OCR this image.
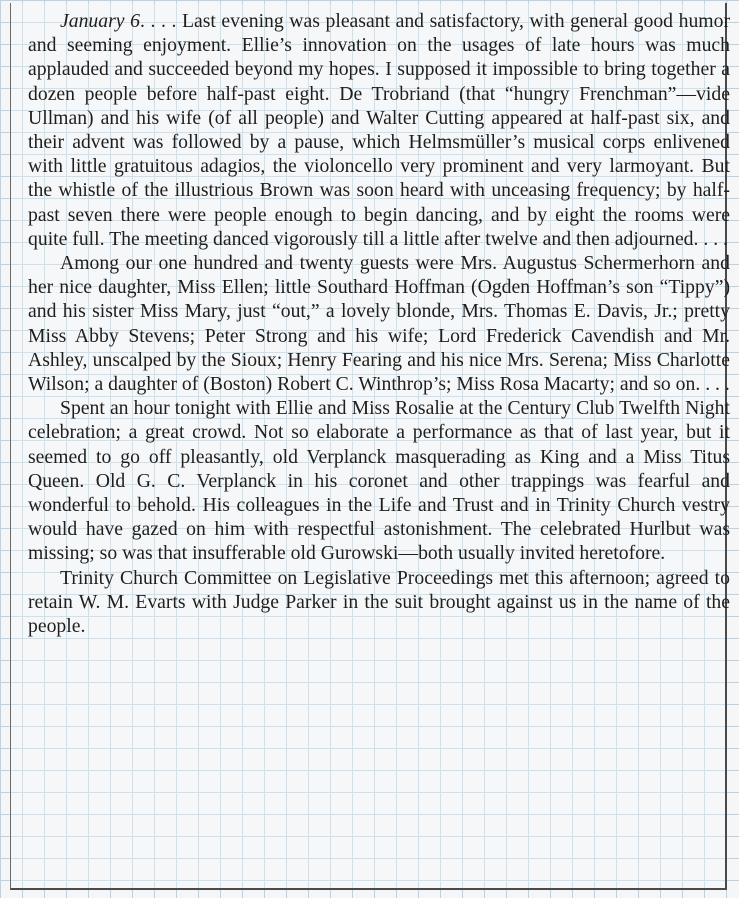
January 6. . . . Last evening was pleasant and satisfactory, with general good humor and seeming enjoyment. Ellie’s innovation on the usages of late hours was much applauded and succeeded beyond my hopes. I supposed it impossible to bring together a dozen people before half-past eight. De Trobriand (that “hungry Frenchman”—vide Ullman) and his wife (of all people) and Walter Cutting appeared at half-past six, and their advent was followed by a pause, which Helmsmüller’s musical corps enlivened with little gratuitous adagios, the violoncello very prominent and very larmoyant. But the whistle of the illustrious Brown was soon heard with unceasing frequency; by half-past seven there were people enough to begin dancing, and by eight the rooms were quite full. The meeting danced vigorously till a little after twelve and then adjourned. . . .

Among our one hundred and twenty guests were Mrs. Augustus Schermerhorn and her nice daughter, Miss Ellen; little Southard Hoffman (Ogden Hoffman’s son “Tippy”) and his sister Miss Mary, just “out,” a lovely blonde, Mrs. Thomas E. Davis, Jr.; pretty Miss Abby Stevens; Peter Strong and his wife; Lord Frederick Cavendish and Mr. Ashley, unscalped by the Sioux; Henry Fearing and his nice Mrs. Serena; Miss Charlotte Wilson; a daughter of (Boston) Robert C. Winthrop’s; Miss Rosa Macarty; and so on. . . .

Spent an hour tonight with Ellie and Miss Rosalie at the Century Club Twelfth Night celebration; a great crowd. Not so elaborate a performance as that of last year, but it seemed to go off pleasantly, old Verplanck masquerading as King and a Miss Titus Queen. Old G. C. Verplanck in his coronet and other trappings was fearful and wonderful to behold. His colleagues in the Life and Trust and in Trinity Church vestry would have gazed on him with respectful astonishment. The celebrated Hurlbut was missing; so was that insufferable old Gurowski—both usually invited heretofore.

Trinity Church Committee on Legislative Proceedings met this afternoon; agreed to retain W. M. Evarts with Judge Parker in the suit brought against us in the name of the people.
